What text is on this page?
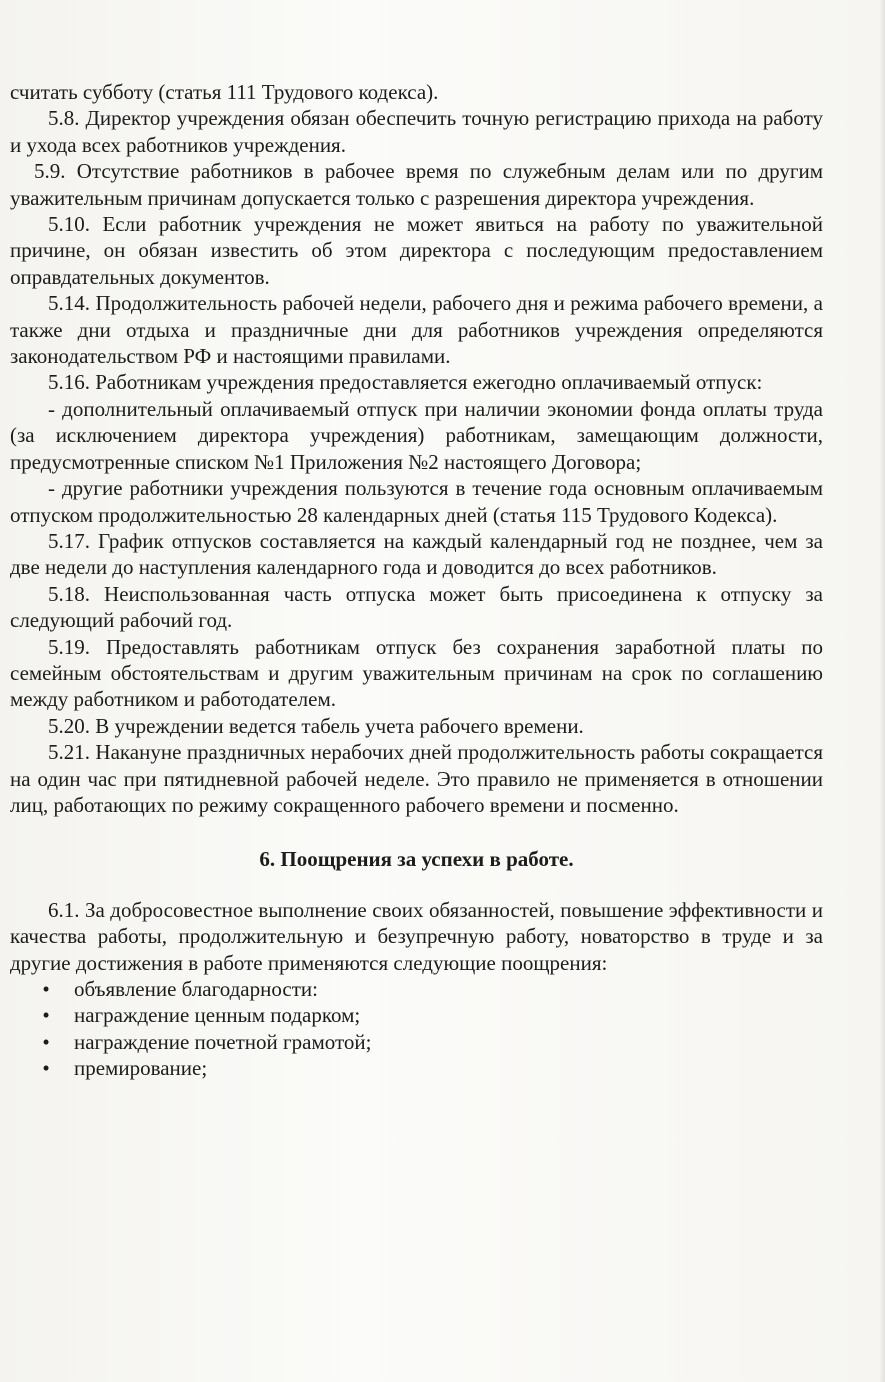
считать субботу (статья 111 Трудового кодекса).

5.8. Директор учреждения обязан обеспечить точную регистрацию прихода на работу и ухода всех работников учреждения.

5.9. Отсутствие работников в рабочее время по служебным делам или по другим уважительным причинам допускается только с разрешения директора учреждения.

5.10. Если работник учреждения не может явиться на работу по уважительной причине, он обязан известить об этом директора с последующим предоставлением оправдательных документов.

5.14. Продолжительность рабочей недели, рабочего дня и режима рабочего времени, а также дни отдыха и праздничные дни для работников учреждения определяются законодательством РФ и настоящими правилами.

5.16. Работникам учреждения предоставляется ежегодно оплачиваемый отпуск:

- дополнительный оплачиваемый отпуск при наличии экономии фонда оплаты труда (за исключением директора учреждения) работникам, замещающим должности, предусмотренные списком №1 Приложения №2 настоящего Договора;

- другие работники учреждения пользуются в течение года основным оплачиваемым отпуском продолжительностью 28 календарных дней (статья 115 Трудового Кодекса).

5.17. График отпусков составляется на каждый календарный год не позднее, чем за две недели до наступления календарного года и доводится до всех работников.

5.18. Неиспользованная часть отпуска может быть присоединена к отпуску за следующий рабочий год.

5.19. Предоставлять работникам отпуск без сохранения заработной платы по семейным обстоятельствам и другим уважительным причинам на срок по соглашению между работником и работодателем.

5.20. В учреждении ведется табель учета рабочего времени.

5.21. Накануне праздничных нерабочих дней продолжительность работы сокращается на один час при пятидневной рабочей неделе. Это правило не применяется в отношении лиц, работающих по режиму сокращенного рабочего времени и посменно.

6. Поощрения за успехи в работе.

6.1. За добросовестное выполнение своих обязанностей, повышение эффективности и качества работы, продолжительную и безупречную работу, новаторство в труде и за другие достижения в работе применяются следующие поощрения:

•	объявление благодарности:
•	награждение ценным подарком;
•	награждение почетной грамотой;
•	премирование;
